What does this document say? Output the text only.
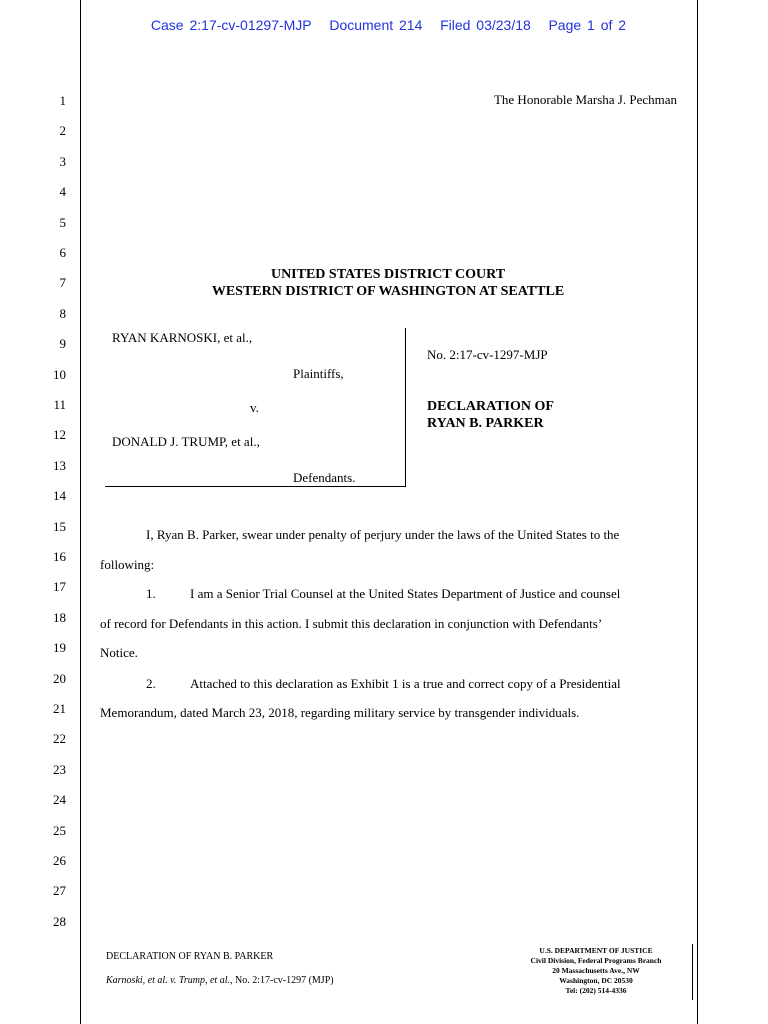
Case 2:17-cv-01297-MJP Document 214 Filed 03/23/18 Page 1 of 2
1
2
3
4
5
6
7
8
9
10
11
12
13
14
15
16
17
18
19
20
21
22
23
24
25
26
27
28
The Honorable Marsha J. Pechman
UNITED STATES DISTRICT COURT
WESTERN DISTRICT OF WASHINGTON AT SEATTLE
RYAN KARNOSKI, et al.,
Plaintiffs,
v.
DONALD J. TRUMP, et al.,
Defendants.
No. 2:17-cv-1297-MJP
DECLARATION OF
RYAN B. PARKER
I, Ryan B. Parker, swear under penalty of perjury under the laws of the United States to the
following:
1.	I am a Senior Trial Counsel at the United States Department of Justice and counsel
of record for Defendants in this action. I submit this declaration in conjunction with Defendants’
Notice.
2.	Attached to this declaration as Exhibit 1 is a true and correct copy of a Presidential
Memorandum, dated March 23, 2018, regarding military service by transgender individuals.
DECLARATION OF RYAN B. PARKER
Karnoski, et al. v. Trump, et al., No. 2:17-cv-1297 (MJP)
U.S. DEPARTMENT OF JUSTICE
Civil Division, Federal Programs Branch
20 Massachusetts Ave., NW
Washington, DC 20530
Tel: (202) 514-4336
